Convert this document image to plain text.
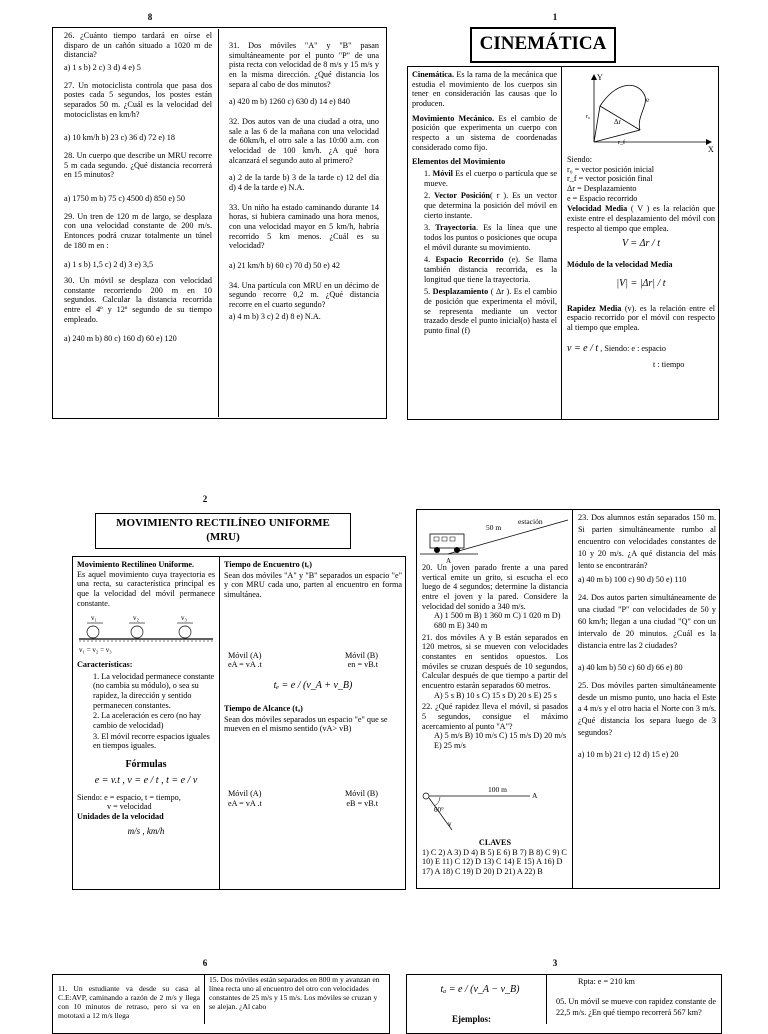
8
26. ¿Cuánto tiempo tardará en oírse el disparo de un cañón situado a 1020 m de distancia?
a) 1 s b) 2 c) 3 d) 4 e) 5
27. Un motociclista controla que pasa dos postes cada 5 segundos, los postes están separados 50 m. ¿Cuál es la velocidad del motociclistas en km/h?
a) 10 km/h b) 23 c) 36 d) 72 e) 18
28. Un cuerpo que describe un MRU recorre 5 m cada segundo. ¿Qué distancia recorrerá en 15 minutos?
a) 1750 m b) 75 c) 4500 d) 850 e) 50
29. Un tren de 120 m de largo, se desplaza con una velocidad constante de 200 m/s. Entonces podrá cruzar totalmente un túnel de 180 m en :
a) 1 s b) 1,5 c) 2 d) 3 e) 3,5
30. Un móvil se desplaza con velocidad constante recorriendo 200 m en 10 segundos. Calcular la distancia recorrida entre el 4º y 12º segundo de su tiempo empleado.
a) 240 m b) 80 c) 160 d) 60 e) 120
31. Dos móviles "A" y "B" pasan simultáneamente por el punto "P" de una pista recta con velocidad de 8 m/s y 15 m/s y en la misma dirección. ¿Qué distancia los separa al cabo de dos minutos?
a) 420 m b) 1260 c) 630 d) 14 e) 840
32. Dos autos van de una ciudad a otra, uno sale a las 6 de la mañana con una velocidad de 60km/h, el otro sale a las 10:00 a.m. con velocidad de 100 km/h. ¿A qué hora alcanzará el segundo auto al primero?
a) 2 de la tarde b) 3 de la tarde c) 12 del día d) 4 de la tarde e) N.A.
33. Un niño ha estado caminando durante 14 horas, si hubiera caminado una hora menos, con una velocidad mayor en 5 km/h, habría recorrido 5 km menos. ¿Cuál es su velocidad?
a) 21 km/h b) 60 c) 70 d) 50 e) 42
34. Una partícula con MRU en un décimo de segundo recorre 0,2 m. ¿Qué distancia recorre en el cuarto segundo?
a) 4 m b) 3 c) 2 d) 8 e) N.A.
1
CINEMÁTICA

Cinemática. Es la rama de la mecánica que estudia el movimiento de los cuerpos sin tener en consideración las causas que lo producen.

Movimiento Mecánico. Es el cambio de posición que experimenta un cuerpo con respecto a un sistema de coordenadas considerado como fijo.

Elementos del Movimiento

1. Móvil Es el cuerpo o partícula que se mueve.

2. Vector Posición( r ). Es un vector que determina la posición del móvil en cierto instante.

3. Trayectoria. Es la línea que une todos los puntos o posiciones que ocupa el móvil durante su movimiento.

4. Espacio Recorrido (e). Se llama también distancia recorrida, es la longitud que tiene la trayectoria.

5. Desplazamiento ( Δr ). Es el cambio de posición que experimenta el móvil, se representa mediante un vector trazado desde el punto inicial(o) hasta el punto final (f)

Y
X
e
r₀
r_f
Δr
Siendo:
r₀ = vector posición inicial
r_f = vector posición final
Δr = Desplazamiento
e = Espacio recorrido

Velocidad Media ( V ) es la relación que existe entre el desplazamiento del móvil con respecto al tiempo que emplea.

V = Δr / t

Módulo de la velocidad Media

|V| = |Δr| / t

Rapidez Media (v). es la relación entre el espacio recorrido por el móvil con respecto al tiempo que emplea.

v = e / t , Siendo: e : espacio
t : tiempo
2
MOVIMIENTO RECTILÍNEO UNIFORME
(MRU)

Movimiento Rectilíneo Uniforme.
Es aquel movimiento cuya trayectoria es una recta, su característica principal es que la velocidad del móvil permanece constante.

v₁	v₂	v₃
v₁ = v₂ = v₃

Características:

1. La velocidad permanece constante (no cambia su módulo), o sea su rapidez, la dirección y sentido permanecen constantes.

2. La aceleración es cero (no hay cambio de velocidad)

3. El móvil recorre espacios iguales en tiempos iguales.

Fórmulas
e = v.t , v = e / t , t = e / v
Siendo: e = espacio, t = tiempo,
v = velocidad
Unidades de la velocidad
m/s , km/h

Tiempo de Encuentro (tₑ)

Sean dos móviles "A" y "B" separados un espacio "e" y con MRU cada uno, parten al encuentro en forma simultánea.

Móvil (A)	Móvil (B)
eA = vA .t	en = vB.t
tₑ = e / (v_A + v_B)

Tiempo de Alcance (tₐ)

Sean dos móviles separados un espacio "e" que se mueven en el mismo sentido (vA> vB)

Móvil (A)	Móvil (B)
eA = vA .t	eB = vB.t
50 m
estación
A
20. Un joven parado frente a una pared vertical emite un grito, si escucha el eco luego de 4 segundos; determine la distancia entre el joven y la pared. Considere la velocidad del sonido a 340 m/s.
A) 1 500 m B) 1 360 m C) 1 020 m D) 680 m E) 340 m
21. dos móviles A y B están separados en 120 metros, si se mueven con velocidades constantes en sentidos opuestos. Los móviles se cruzan después de 10 segundos, Calcular después de que tiempo a partir del encuentro estarán separados 60 metros.
A) 5 s B) 10 s C) 15 s D) 20 s E) 25 s
22. ¿Qué rapidez lleva el móvil, si pasados 5 segundos, consigue el máximo acercamiento al punto "A"?
A) 5 m/s B) 10 m/s C) 15 m/s D) 20 m/s E) 25 m/s
100 m
A
60°
v
CLAVES
1) C 2) A 3) D 4) B 5) E 6) B 7) B 8) C 9) C 10) E 11) C 12) D 13) C 14) E 15) A 16) D 17) A 18) C 19) D 20) D 21) A 22) B
23. Dos alumnos están separados 150 m. Si parten simultáneamente rumbo al encuentro con velocidades constantes de 10 y 20 m/s. ¿A qué distancia del más lento se encontrarán?
a) 40 m b) 100 c) 90 d) 50 e) 110
24. Dos autos parten simultáneamente de una ciudad "P" con velocidades de 50 y 60 km/h; llegan a una ciudad "Q" con un intervalo de 20 minutos. ¿Cuál es la distancia entre las 2 ciudades?
a) 40 km b) 50 c) 60 d) 66 e) 80
25. Dos móviles parten simultáneamente desde un mismo punto, uno hacia el Este a 4 m/s y el otro hacia el Norte con 3 m/s. ¿Qué distancia los separa luego de 3 segundos?
a) 10 m b) 21 c) 12 d) 15 e) 20
6
11. Un estudiante va desde su casa al C.E:AVP, caminando a razón de 2 m/s y llega con 10 minutos de retraso, pero si va en mototaxi a 12 m/s llega
15. Dos móviles están separados en 800 m y avanzan en línea recta uno al encuentro del otro con velocidades constantes de 25 m/s y 15 m/s. Los móviles se cruzan y se alejan. ¿Al cabo
3
tₐ = e / (v_A − v_B)
Ejemplos:
Rpta: e = 210 km
05. Un móvil se mueve con rapidez constante de 22,5 m/s. ¿En qué tiempo recorrerá 567 km?
